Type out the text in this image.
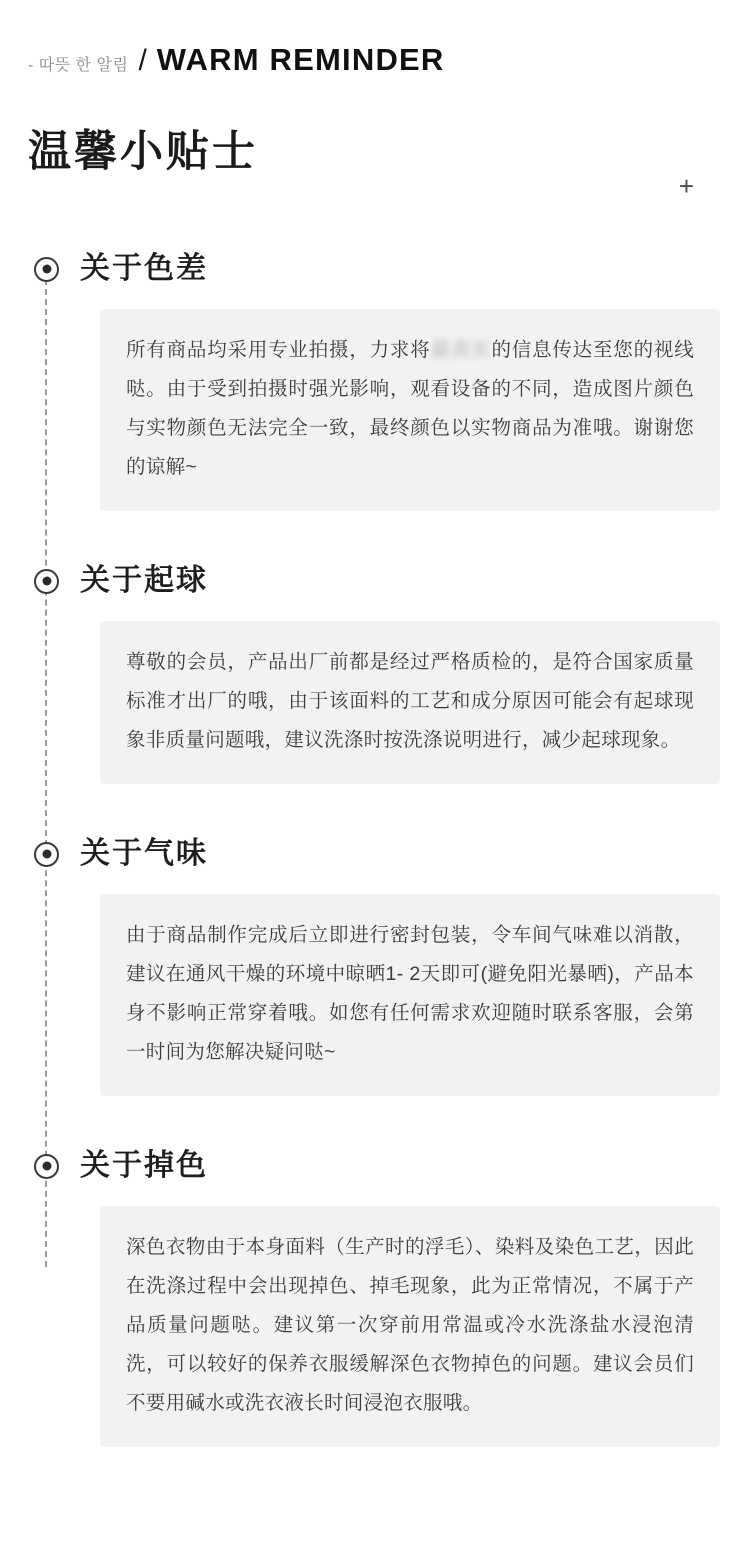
- 따뜻 한 알림 / WARM REMINDER
温馨小贴士
+
关于色差

所有商品均采用专业拍摄，力求将最真实的信息传达至您的视线哒。由于受到拍摄时强光影响，观看设备的不同，造成图片颜色与实物颜色无法完全一致，最终颜色以实物商品为准哦。谢谢您的谅解~

关于起球

尊敬的会员，产品出厂前都是经过严格质检的，是符合国家质量标准才出厂的哦，由于该面料的工艺和成分原因可能会有起球现象非质量问题哦，建议洗涤时按洗涤说明进行，减少起球现象。

关于气味

由于商品制作完成后立即进行密封包装，令车间气味难以消散，建议在通风干燥的环境中晾晒1- 2天即可(避免阳光暴晒)，产品本身不影响正常穿着哦。如您有任何需求欢迎随时联系客服，会第一时间为您解决疑问哒~

关于掉色

深色衣物由于本身面料（生产时的浮毛）、染料及染色工艺，因此在洗涤过程中会出现掉色、掉毛现象，此为正常情况，不属于产品质量问题哒。建议第一次穿前用常温或冷水洗涤盐水浸泡清洗，可以较好的保养衣服缓解深色衣物掉色的问题。建议会员们不要用碱水或洗衣液长时间浸泡衣服哦。
